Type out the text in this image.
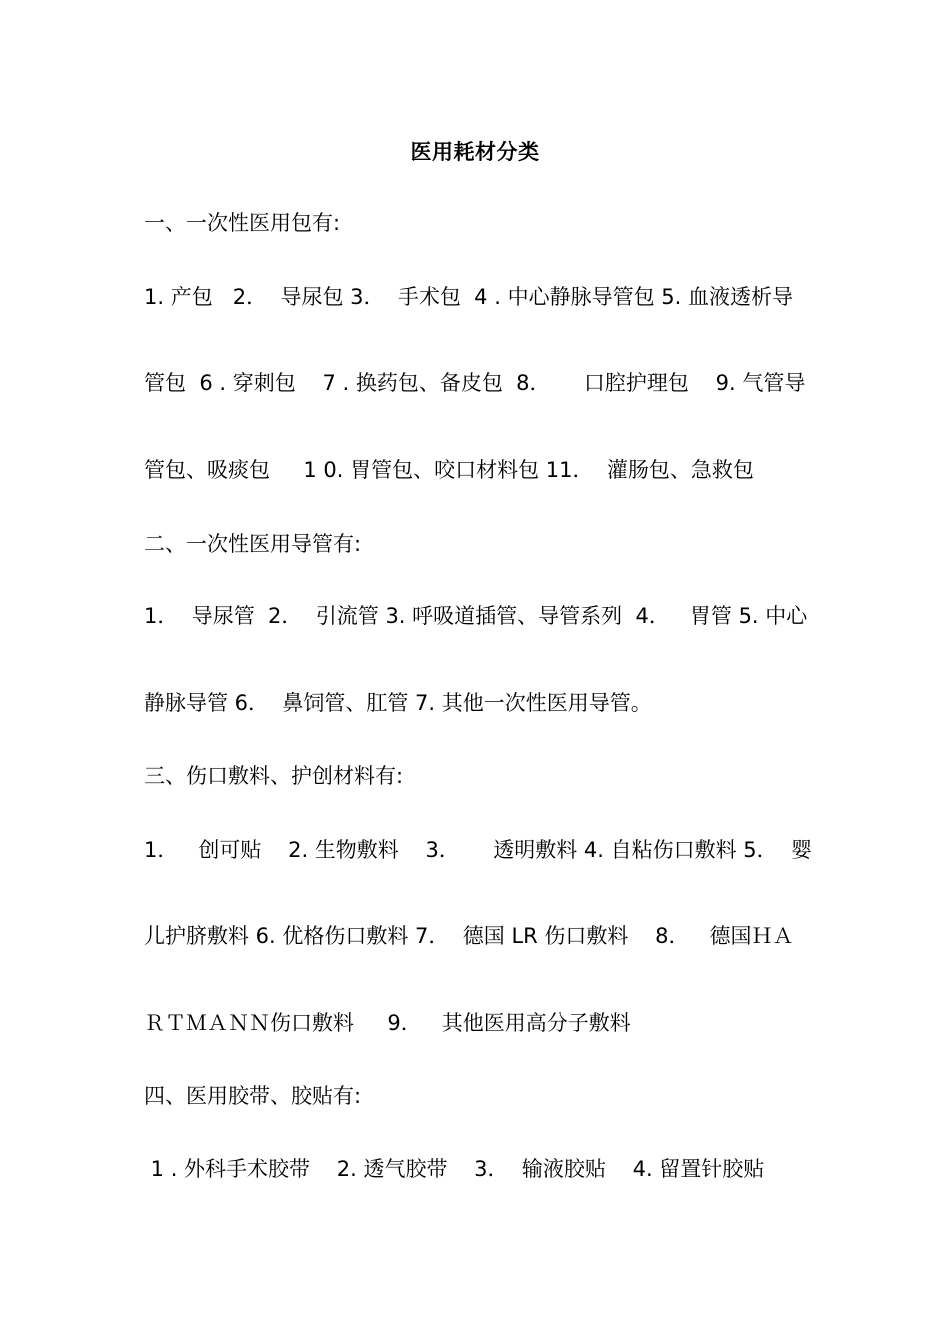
医用耗材分类
一、一次性医用包有:
1. 产包   2．  导尿包 3．  手术包  4 . 中心静脉导管包 5. 血液透析导
管包  6 . 穿刺包    7 . 换药包、备皮包  8．     口腔护理包    9. 气管导
管包、吸痰包     1 0. 胃管包、咬口材料包 11．  灌肠包、急救包
二、一次性医用导管有:
1．  导尿管  2．  引流管 3. 呼吸道插管、导管系列  4．   胃管 5. 中心
静脉导管 6．  鼻饲管、肛管 7. 其他一次性医用导管。
三、伤口敷料、护创材料有:
1．   创可贴    2. 生物敷料    3．     透明敷料 4. 自粘伤口敷料 5．  婴
儿护脐敷料 6. 优格伤口敷料 7．  德国 LR 伤口敷料    8．   德国ＨＡ
ＲＴＭＡＮＮ伤口敷料     9．   其他医用高分子敷料
四、医用胶带、胶贴有:
1 . 外科手术胶带    2. 透气胶带    3．  输液胶贴    4. 留置针胶贴
